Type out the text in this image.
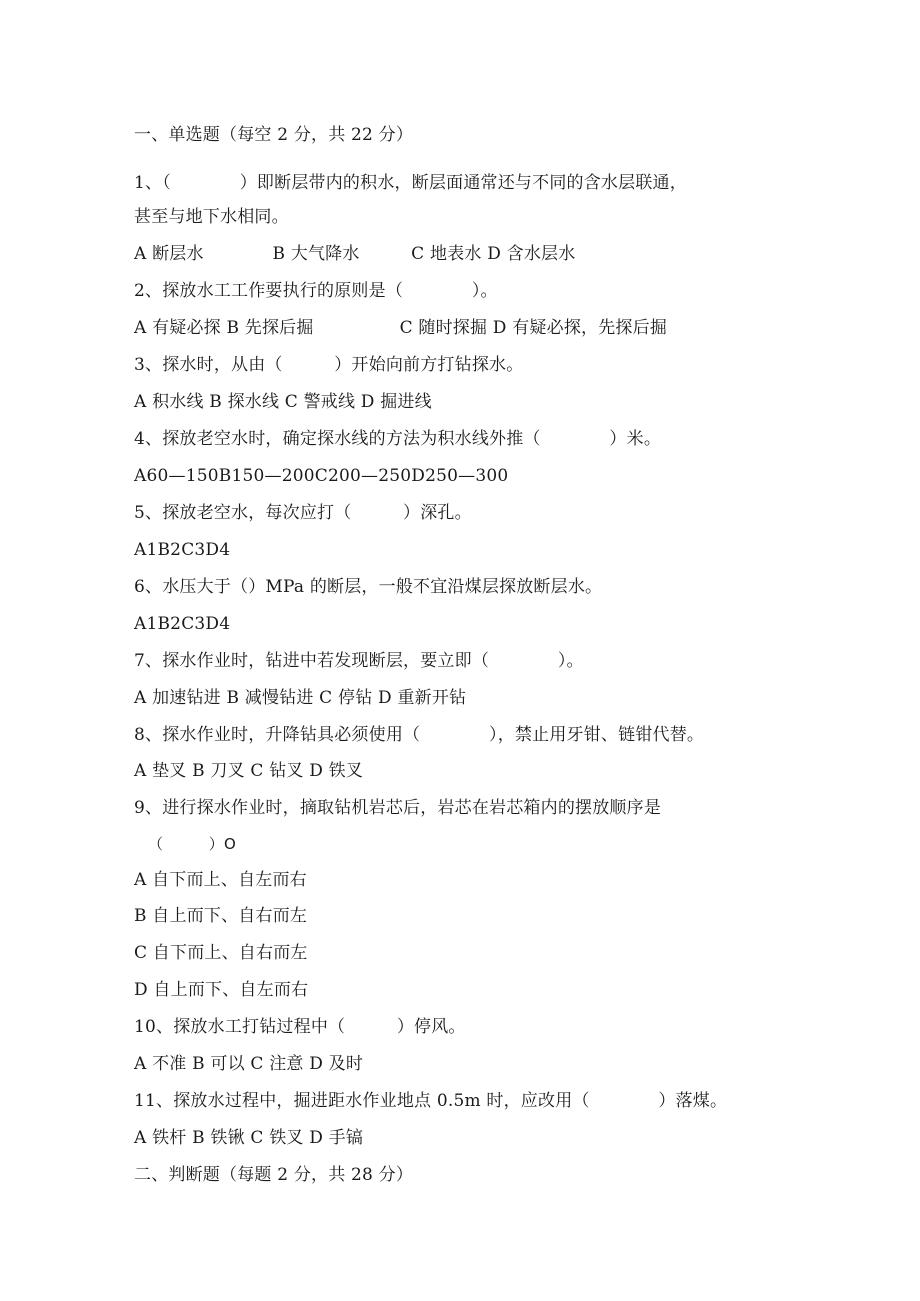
一、单选题（每空 2 分，共 22 分）
1、（　　　　）即断层带内的积水，断层面通常还与不同的含水层联通，
甚至与地下水相同。
A 断层水　　　　B 大气降水　　　C 地表水 D 含水层水
2、探放水工工作要执行的原则是（　　　　）。
A 有疑必探 B 先探后掘　　　　　C 随时探掘 D 有疑必探，先探后掘
3、探水时，从由（　　　）开始向前方打钻探水。
A 积水线 B 探水线 C 警戒线 D 掘进线
4、探放老空水时，确定探水线的方法为积水线外推（　　　　）米。
A60—150B150—200C200—250D250—300
5、探放老空水，每次应打（　　　）深孔。
A1B2C3D4
6、水压大于（）MPa 的断层，一般不宜沿煤层探放断层水。
A1B2C3D4
7、探水作业时，钻进中若发现断层，要立即（　　　　）。
A 加速钻进 B 减慢钻进 C 停钻 D 重新开钻
8、探水作业时，升降钻具必须使用（　　　　），禁止用牙钳、链钳代替。
A 垫叉 B 刀叉 C 钻叉 D 铁叉
9、进行探水作业时，摘取钻机岩芯后，岩芯在岩芯箱内的摆放顺序是
（　　　）O
A 自下而上、自左而右
B 自上而下、自右而左
C 自下而上、自右而左
D 自上而下、自左而右
10、探放水工打钻过程中（　　　）停风。
A 不准 B 可以 C 注意 D 及时
11、探放水过程中，掘进距水作业地点 0.5m 时，应改用（　　　　）落煤。
A 铁杆 B 铁锹 C 铁叉 D 手镐
二、判断题（每题 2 分，共 28 分）
